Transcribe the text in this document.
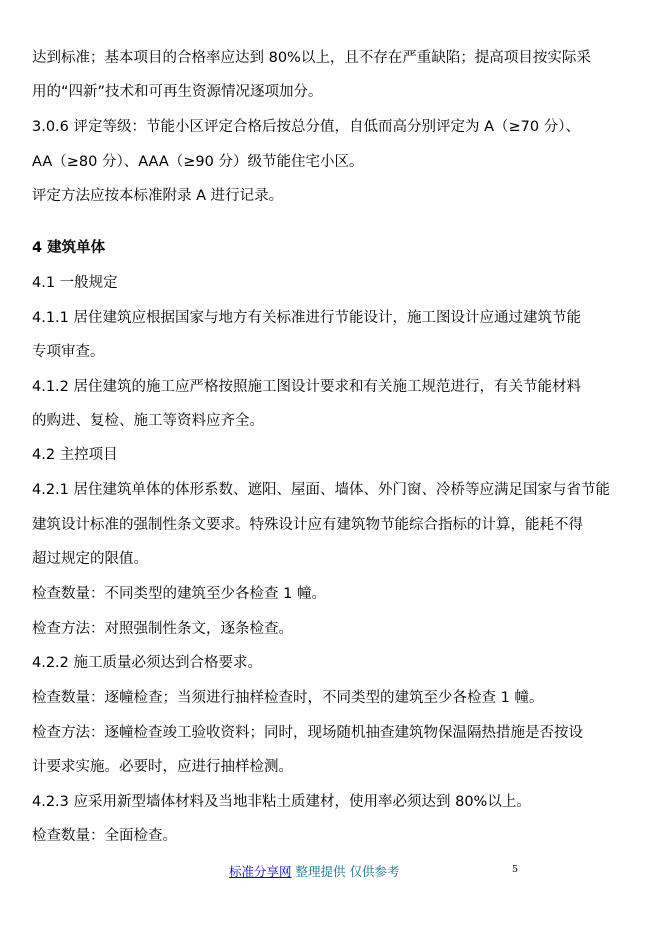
达到标准；基本项目的合格率应达到 80%以上，且不存在严重缺陷；提高项目按实际采
用的“四新”技术和可再生资源情况逐项加分。
3.0.6 评定等级：节能小区评定合格后按总分值，自低而高分别评定为 A（≥70 分）、
AA（≥80 分）、AAA（≥90 分）级节能住宅小区。
评定方法应按本标准附录 A 进行记录。
4 建筑单体
4.1 一般规定
4.1.1 居住建筑应根据国家与地方有关标准进行节能设计，施工图设计应通过建筑节能
专项审查。
4.1.2 居住建筑的施工应严格按照施工图设计要求和有关施工规范进行，有关节能材料
的购进、复检、施工等资料应齐全。
4.2 主控项目
4.2.1 居住建筑单体的体形系数、遮阳、屋面、墙体、外门窗、冷桥等应满足国家与省节能
建筑设计标准的强制性条文要求。特殊设计应有建筑物节能综合指标的计算，能耗不得
超过规定的限值。
检查数量：不同类型的建筑至少各检查 1 幢。
检查方法：对照强制性条文，逐条检查。
4.2.2 施工质量必须达到合格要求。
检查数量：逐幢检查；当须进行抽样检查时，不同类型的建筑至少各检查 1 幢。
检查方法：逐幢检查竣工验收资料；同时，现场随机抽查建筑物保温隔热措施是否按设
计要求实施。必要时，应进行抽样检测。
4.2.3 应采用新型墙体材料及当地非粘土质建材，使用率必须达到 80%以上。
检查数量：全面检查。
标准分享网 整理提供 仅供参考	5
